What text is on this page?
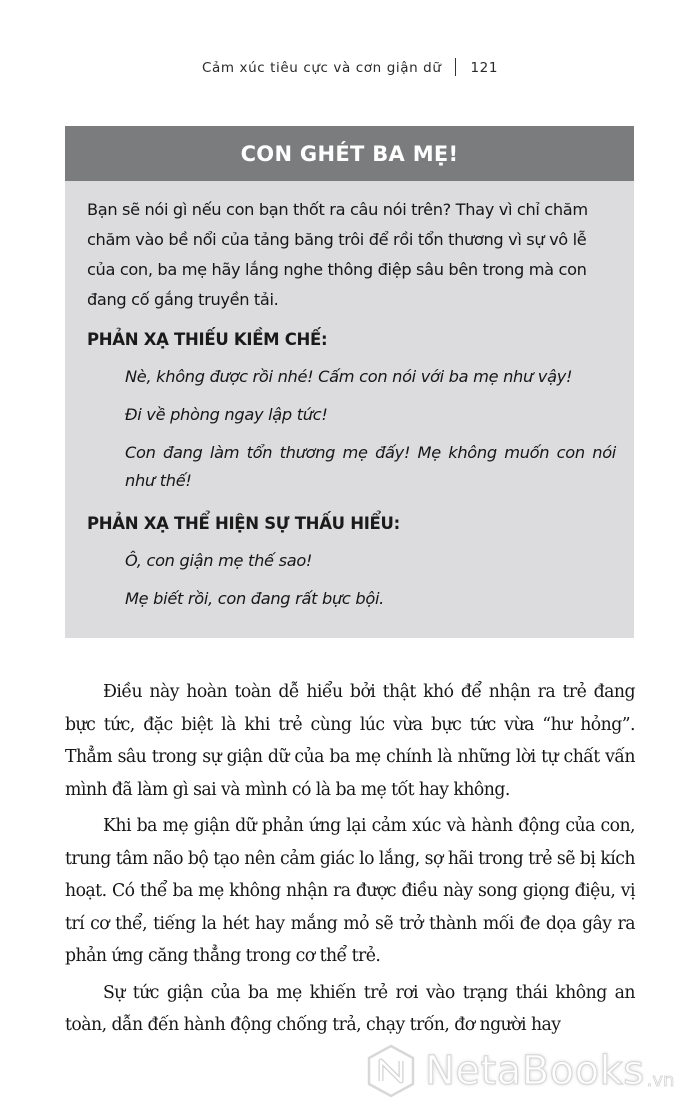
Cảm xúc tiêu cực và cơn giận dữ 121
CON GHÉT BA MẸ!

Bạn sẽ nói gì nếu con bạn thốt ra câu nói trên? Thay vì chỉ chăm chăm vào bề nổi của tảng băng trôi để rồi tổn thương vì sự vô lễ của con, ba mẹ hãy lắng nghe thông điệp sâu bên trong mà con đang cố gắng truyền tải.

PHẢN XẠ THIẾU KIỀM CHẾ:
Nè, không được rồi nhé! Cấm con nói với ba mẹ như vậy!
Đi về phòng ngay lập tức!
Con đang làm tổn thương mẹ đấy! Mẹ không muốn con nói như thế!
PHẢN XẠ THỂ HIỆN SỰ THẤU HIỂU:
Ô, con giận mẹ thế sao!
Mẹ biết rồi, con đang rất bực bội.

Điều này hoàn toàn dễ hiểu bởi thật khó để nhận ra trẻ đang bực tức, đặc biệt là khi trẻ cùng lúc vừa bực tức vừa “hư hỏng”. Thẳm sâu trong sự giận dữ của ba mẹ chính là những lời tự chất vấn mình đã làm gì sai và mình có là ba mẹ tốt hay không.

Khi ba mẹ giận dữ phản ứng lại cảm xúc và hành động của con, trung tâm não bộ tạo nên cảm giác lo lắng, sợ hãi trong trẻ sẽ bị kích hoạt. Có thể ba mẹ không nhận ra được điều này song giọng điệu, vị trí cơ thể, tiếng la hét hay mắng mỏ sẽ trở thành mối đe dọa gây ra phản ứng căng thẳng trong cơ thể trẻ.

Sự tức giận của ba mẹ khiến trẻ rơi vào trạng thái không an toàn, dẫn đến hành động chống trả, chạy trốn, đơ người hay

NetaBooks .vn
